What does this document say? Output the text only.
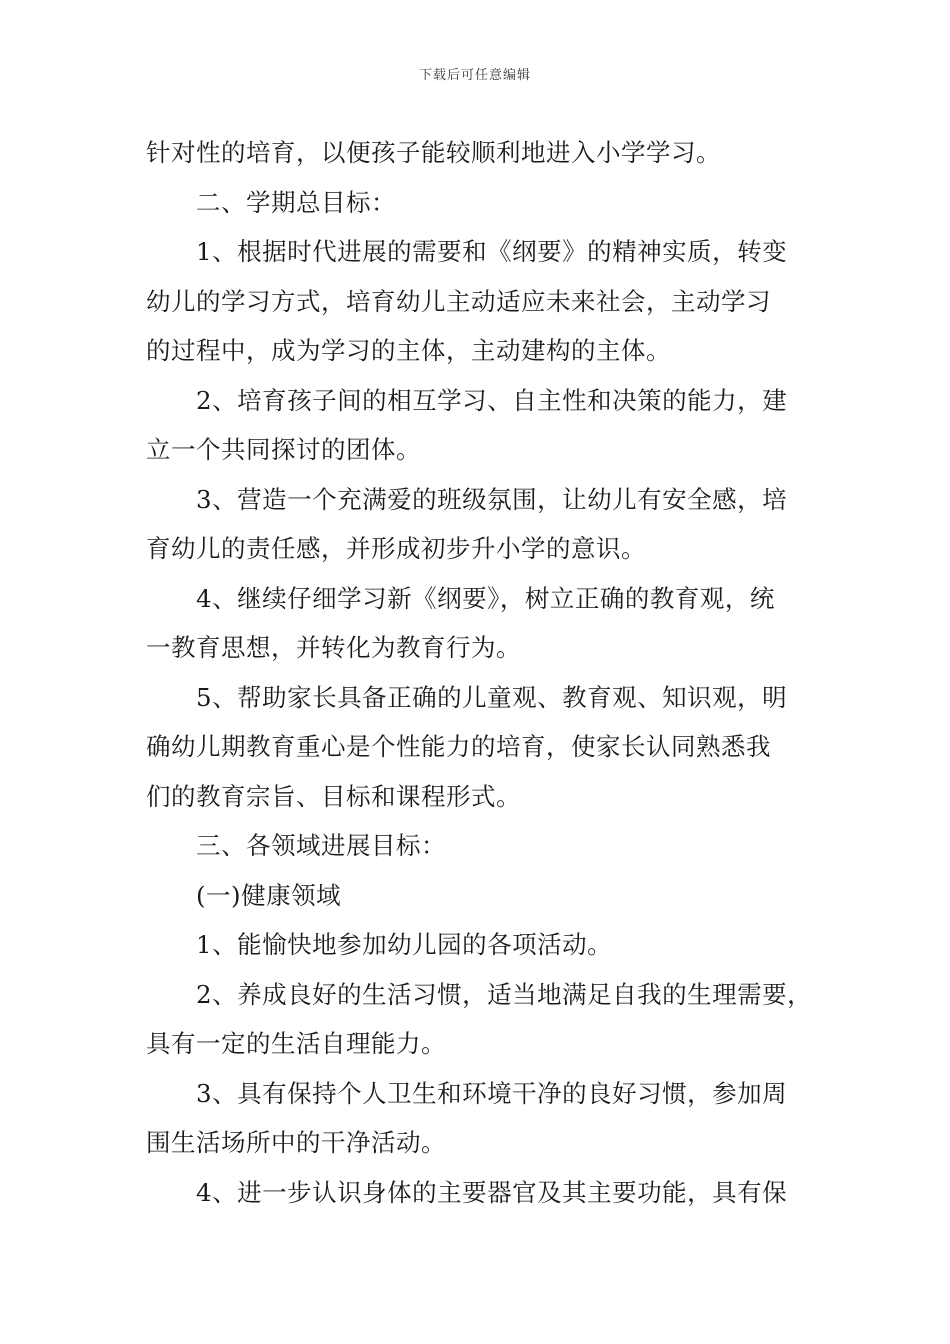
下载后可任意编辑
针对性的培育，以便孩子能较顺利地进入小学学习。
二、学期总目标：
1、根据时代进展的需要和《纲要》的精神实质，转变
幼儿的学习方式，培育幼儿主动适应未来社会，主动学习
的过程中，成为学习的主体，主动建构的主体。
2、培育孩子间的相互学习、自主性和决策的能力，建
立一个共同探讨的团体。
3、营造一个充满爱的班级氛围，让幼儿有安全感，培
育幼儿的责任感，并形成初步升小学的意识。
4、继续仔细学习新《纲要》，树立正确的教育观，统
一教育思想，并转化为教育行为。
5、帮助家长具备正确的儿童观、教育观、知识观，明
确幼儿期教育重心是个性能力的培育，使家长认同熟悉我
们的教育宗旨、目标和课程形式。
三、各领域进展目标：
(一)健康领域
1、能愉快地参加幼儿园的各项活动。
2、养成良好的生活习惯，适当地满足自我的生理需要，
具有一定的生活自理能力。
3、具有保持个人卫生和环境干净的良好习惯，参加周
围生活场所中的干净活动。
4、进一步认识身体的主要器官及其主要功能，具有保
